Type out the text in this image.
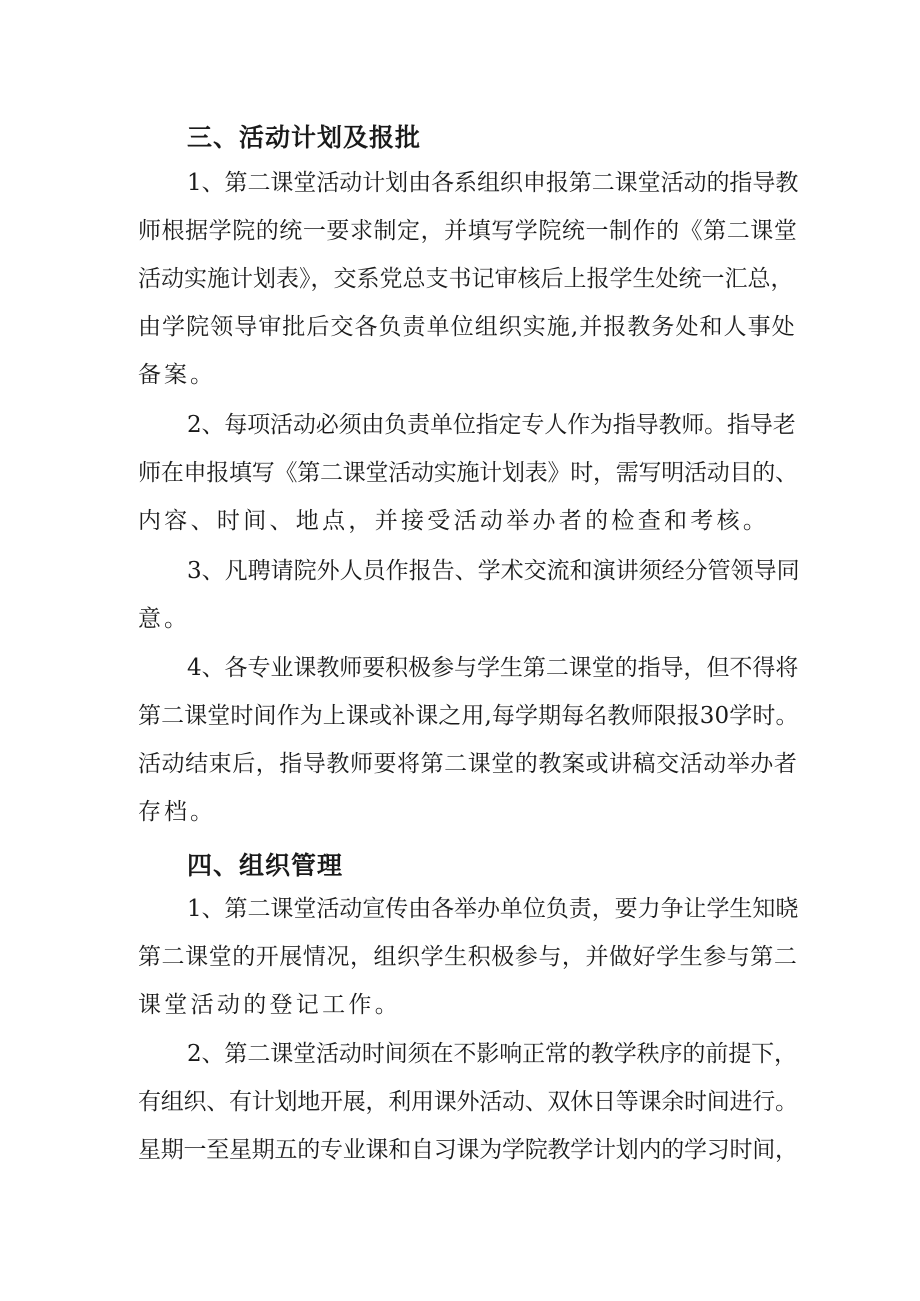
三、活动计划及报批
1、第二课堂活动计划由各系组织申报第二课堂活动的指导教
师根据学院的统一要求制定，并填写学院统一制作的《第二课堂
活动实施计划表》，交系党总支书记审核后上报学生处统一汇总，
由学院领导审批后交各负责单位组织实施,并报教务处和人事处
备案。
2、每项活动必须由负责单位指定专人作为指导教师。指导老
师在申报填写《第二课堂活动实施计划表》时，需写明活动目的、
内容、时间、地点，并接受活动举办者的检查和考核。
3、凡聘请院外人员作报告、学术交流和演讲须经分管领导同
意。
4、各专业课教师要积极参与学生第二课堂的指导，但不得将
第二课堂时间作为上课或补课之用,每学期每名教师限报30学时。
活动结束后，指导教师要将第二课堂的教案或讲稿交活动举办者
存档。
四、组织管理
1、第二课堂活动宣传由各举办单位负责，要力争让学生知晓
第二课堂的开展情况，组织学生积极参与，并做好学生参与第二
课堂活动的登记工作。
2、第二课堂活动时间须在不影响正常的教学秩序的前提下，
有组织、有计划地开展，利用课外活动、双休日等课余时间进行。
星期一至星期五的专业课和自习课为学院教学计划内的学习时间，
